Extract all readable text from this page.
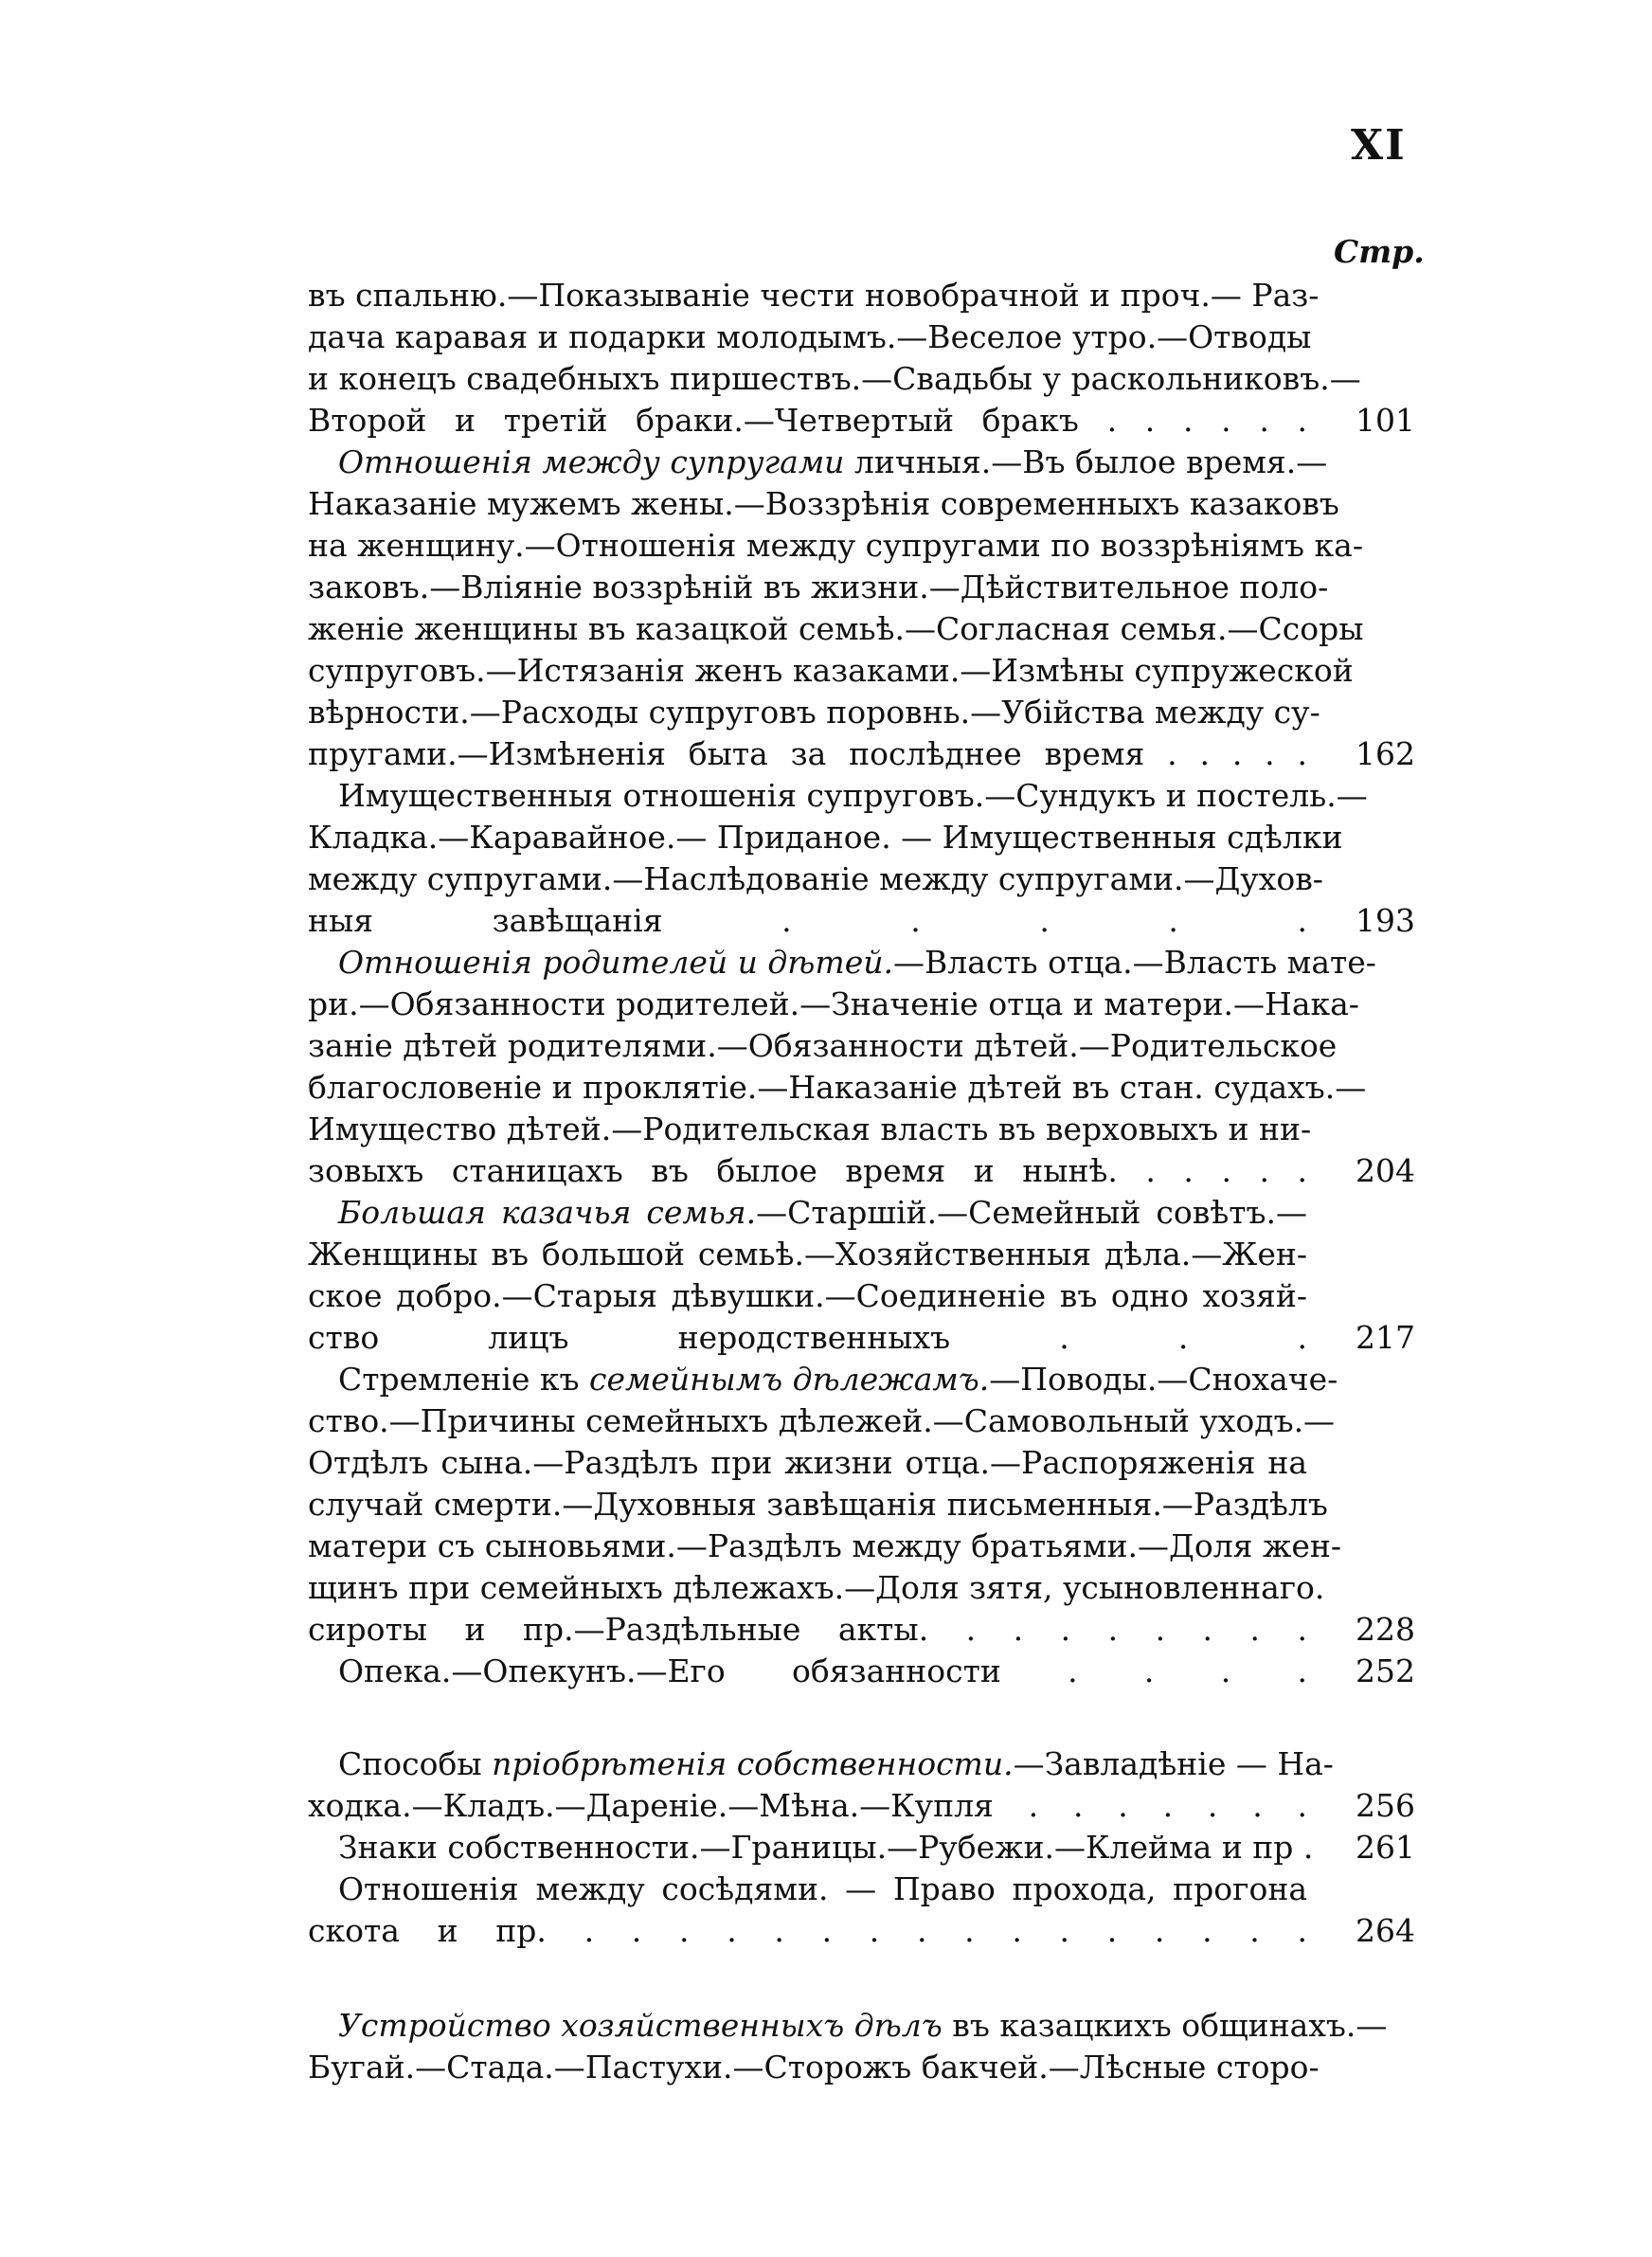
XI
Стр.
въ спальню.—Показываніе чести новобрачной и проч.— Раз-
дача каравая и подарки молодымъ.—Веселое утро.—Отводы
и конецъ свадебныхъ пиршествъ.—Свадьбы у раскольниковъ.—
Второй и третій браки.—Четвертый бракъ . . . . . .	101
Отношенія между супругами личныя.—Въ былое время.—
Наказаніе мужемъ жены.—Воззрѣнія современныхъ казаковъ
на женщину.—Отношенія между супругами по воззрѣніямъ ка-
заковъ.—Вліяніе воззрѣній въ жизни.—Дѣйствительное поло-
женіе женщины въ казацкой семьѣ.—Согласная семья.—Ссоры
супруговъ.—Истязанія женъ казаками.—Измѣны супружеской
вѣрности.—Расходы супруговъ поровнь.—Убійства между су-
пругами.—Измѣненія быта за послѣднее время . . . . .	162
Имущественныя отношенія супруговъ.—Сундукъ и постель.—
Кладка.—Каравайное.— Приданое. — Имущественныя сдѣлки
между супругами.—Наслѣдованіе между супругами.—Духов-
ныя завѣщанія . . . . .	193
Отношенія родителей и дѣтей.—Власть отца.—Власть мате-
ри.—Обязанности родителей.—Значеніе отца и матери.—Нака-
заніе дѣтей родителями.—Обязанности дѣтей.—Родительское
благословеніе и проклятіе.—Наказаніе дѣтей въ стан. судахъ.—
Имущество дѣтей.—Родительская власть въ верховыхъ и ни-
зовыхъ станицахъ въ былое время и нынѣ. . . . . .	204
Большая казачья семья.—Старшій.—Семейный совѣтъ.—
Женщины въ большой семьѣ.—Хозяйственныя дѣла.—Жен-
ское добро.—Старыя дѣвушки.—Соединеніе въ одно хозяй-
ство лицъ неродственныхъ . . .	217
Стремленіе къ семейнымъ дѣлежамъ.—Поводы.—Снохаче-
ство.—Причины семейныхъ дѣлежей.—Самовольный уходъ.—
Отдѣлъ сына.—Раздѣлъ при жизни отца.—Распоряженія на
случай смерти.—Духовныя завѣщанія письменныя.—Раздѣлъ
матери съ сыновьями.—Раздѣлъ между братьями.—Доля жен-
щинъ при семейныхъ дѣлежахъ.—Доля зятя, усыновленнаго.
сироты и пр.—Раздѣльные акты. . . . . . . . .	228
Опека.—Опекунъ.—Его обязанности . . . .	252
Способы пріобрѣтенія собственности.—Завладѣніе — На-
ходка.—Кладъ.—Дареніе.—Мѣна.—Купля . . . . . . .	256
Знаки собственности.—Границы.—Рубежи.—Клейма и пр .	261
Отношенія между сосѣдями. — Право прохода, прогона
скота и пр. . . . . . . . . . . . . . . . .	264
Устройство хозяйственныхъ дѣлъ въ казацкихъ общинахъ.—
Бугай.—Стада.—Пастухи.—Сторожъ бакчей.—Лѣсные сторо-
